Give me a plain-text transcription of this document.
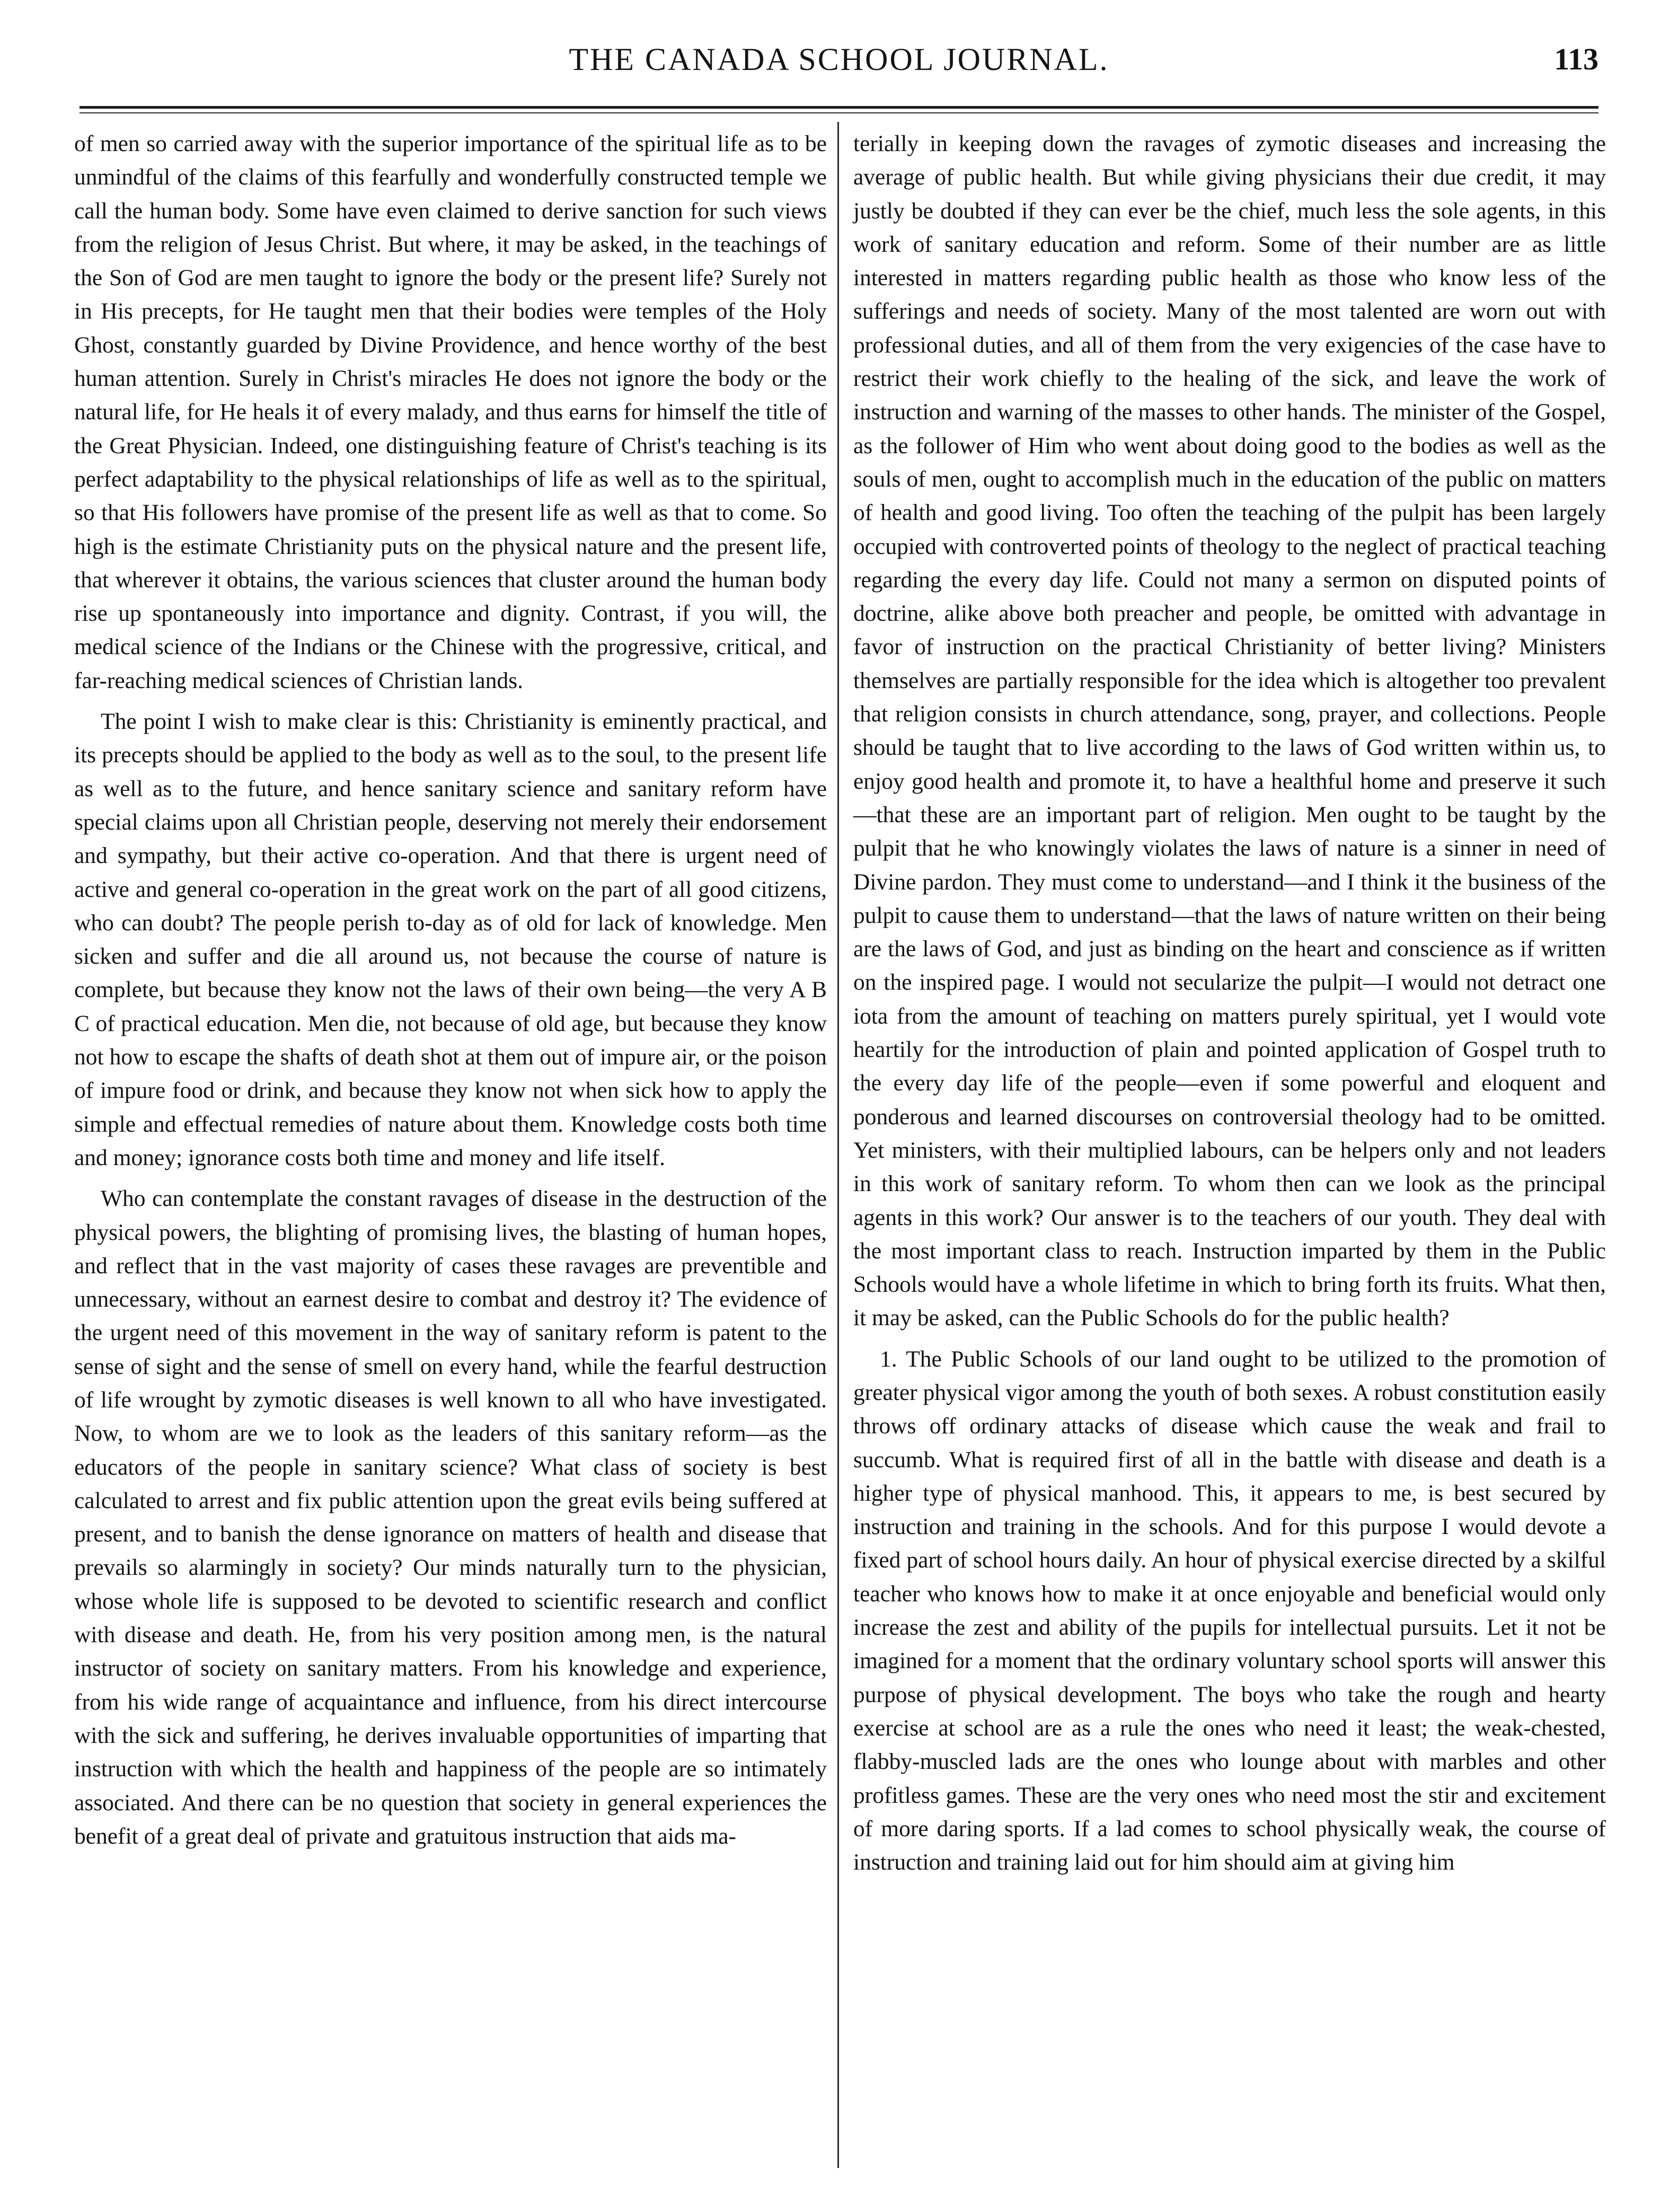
THE CANADA SCHOOL JOURNAL.	113

of men so carried away with the superior importance of the spiritual life as to be unmindful of the claims of this fearfully and wonderfully constructed temple we call the human body. Some have even claimed to derive sanction for such views from the religion of Jesus Christ. But where, it may be asked, in the teachings of the Son of God are men taught to ignore the body or the present life? Surely not in His precepts, for He taught men that their bodies were temples of the Holy Ghost, constantly guarded by Divine Providence, and hence worthy of the best human attention. Surely in Christ's miracles He does not ignore the body or the natural life, for He heals it of every malady, and thus earns for himself the title of the Great Physician. Indeed, one distinguishing feature of Christ's teaching is its perfect adaptability to the physical relationships of life as well as to the spiritual, so that His followers have promise of the present life as well as that to come. So high is the estimate Christianity puts on the physical nature and the present life, that wherever it obtains, the various sciences that cluster around the human body rise up spontaneously into importance and dignity. Contrast, if you will, the medical science of the Indians or the Chinese with the progressive, critical, and far-reaching medical sciences of Christian lands.

The point I wish to make clear is this: Christianity is eminently practical, and its precepts should be applied to the body as well as to the soul, to the present life as well as to the future, and hence sanitary science and sanitary reform have special claims upon all Christian people, deserving not merely their endorsement and sympathy, but their active co-operation. And that there is urgent need of active and general co-operation in the great work on the part of all good citizens, who can doubt? The people perish to-day as of old for lack of knowledge. Men sicken and suffer and die all around us, not because the course of nature is complete, but because they know not the laws of their own being—the very A B C of practical education. Men die, not because of old age, but because they know not how to escape the shafts of death shot at them out of impure air, or the poison of impure food or drink, and because they know not when sick how to apply the simple and effectual remedies of nature about them. Knowledge costs both time and money; ignorance costs both time and money and life itself.

Who can contemplate the constant ravages of disease in the destruction of the physical powers, the blighting of promising lives, the blasting of human hopes, and reflect that in the vast majority of cases these ravages are preventible and unnecessary, without an earnest desire to combat and destroy it? The evidence of the urgent need of this movement in the way of sanitary reform is patent to the sense of sight and the sense of smell on every hand, while the fearful destruction of life wrought by zymotic diseases is well known to all who have investigated. Now, to whom are we to look as the leaders of this sanitary reform—as the educators of the people in sanitary science? What class of society is best calculated to arrest and fix public attention upon the great evils being suffered at present, and to banish the dense ignorance on matters of health and disease that prevails so alarmingly in society? Our minds naturally turn to the physician, whose whole life is supposed to be devoted to scientific research and conflict with disease and death. He, from his very position among men, is the natural instructor of society on sanitary matters. From his knowledge and experience, from his wide range of acquaintance and influence, from his direct intercourse with the sick and suffering, he derives invaluable opportunities of imparting that instruction with which the health and happiness of the people are so intimately associated. And there can be no question that society in general experiences the benefit of a great deal of private and gratuitous instruction that aids ma-

terially in keeping down the ravages of zymotic diseases and increasing the average of public health. But while giving physicians their due credit, it may justly be doubted if they can ever be the chief, much less the sole agents, in this work of sanitary education and reform. Some of their number are as little interested in matters regarding public health as those who know less of the sufferings and needs of society. Many of the most talented are worn out with professional duties, and all of them from the very exigencies of the case have to restrict their work chiefly to the healing of the sick, and leave the work of instruction and warning of the masses to other hands. The minister of the Gospel, as the follower of Him who went about doing good to the bodies as well as the souls of men, ought to accomplish much in the education of the public on matters of health and good living. Too often the teaching of the pulpit has been largely occupied with controverted points of theology to the neglect of practical teaching regarding the every day life. Could not many a sermon on disputed points of doctrine, alike above both preacher and people, be omitted with advantage in favor of instruction on the practical Christianity of better living? Ministers themselves are partially responsible for the idea which is altogether too prevalent that religion consists in church attendance, song, prayer, and collections. People should be taught that to live according to the laws of God written within us, to enjoy good health and promote it, to have a healthful home and preserve it such—that these are an important part of religion. Men ought to be taught by the pulpit that he who knowingly violates the laws of nature is a sinner in need of Divine pardon. They must come to understand—and I think it the business of the pulpit to cause them to understand—that the laws of nature written on their being are the laws of God, and just as binding on the heart and conscience as if written on the inspired page. I would not secularize the pulpit—I would not detract one iota from the amount of teaching on matters purely spiritual, yet I would vote heartily for the introduction of plain and pointed application of Gospel truth to the every day life of the people—even if some powerful and eloquent and ponderous and learned discourses on controversial theology had to be omitted. Yet ministers, with their multiplied labours, can be helpers only and not leaders in this work of sanitary reform. To whom then can we look as the principal agents in this work? Our answer is to the teachers of our youth. They deal with the most important class to reach. Instruction imparted by them in the Public Schools would have a whole lifetime in which to bring forth its fruits. What then, it may be asked, can the Public Schools do for the public health?

1. The Public Schools of our land ought to be utilized to the promotion of greater physical vigor among the youth of both sexes. A robust constitution easily throws off ordinary attacks of disease which cause the weak and frail to succumb. What is required first of all in the battle with disease and death is a higher type of physical manhood. This, it appears to me, is best secured by instruction and training in the schools. And for this purpose I would devote a fixed part of school hours daily. An hour of physical exercise directed by a skilful teacher who knows how to make it at once enjoyable and beneficial would only increase the zest and ability of the pupils for intellectual pursuits. Let it not be imagined for a moment that the ordinary voluntary school sports will answer this purpose of physical development. The boys who take the rough and hearty exercise at school are as a rule the ones who need it least; the weak-chested, flabby-muscled lads are the ones who lounge about with marbles and other profitless games. These are the very ones who need most the stir and excitement of more daring sports. If a lad comes to school physically weak, the course of instruction and training laid out for him should aim at giving him
